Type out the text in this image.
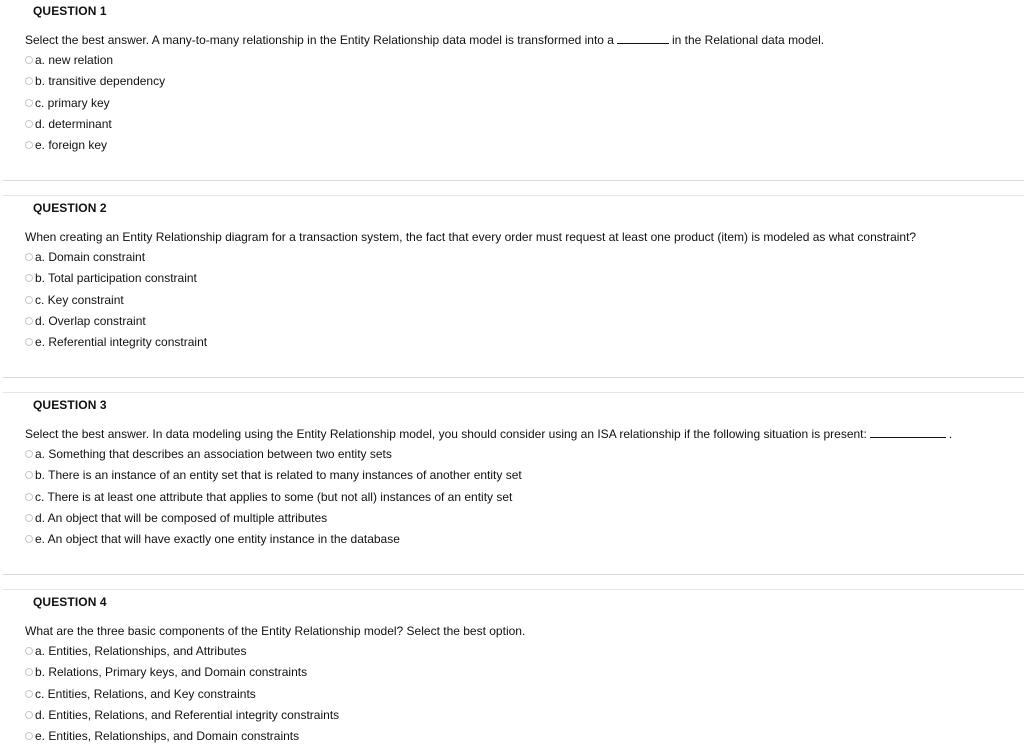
QUESTION 1
Select the best answer. A many-to-many relationship in the Entity Relationship data model is transformed into a	in the Relational data model.
a. new relation
b. transitive dependency
c. primary key
d. determinant
e. foreign key
QUESTION 2
When creating an Entity Relationship diagram for a transaction system, the fact that every order must request at least one product (item) is modeled as what constraint?
a. Domain constraint
b. Total participation constraint
c. Key constraint
d. Overlap constraint
e. Referential integrity constraint
QUESTION 3
Select the best answer. In data modeling using the Entity Relationship model, you should consider using an ISA relationship if the following situation is present:	.
a. Something that describes an association between two entity sets
b. There is an instance of an entity set that is related to many instances of another entity set
c. There is at least one attribute that applies to some (but not all) instances of an entity set
d. An object that will be composed of multiple attributes
e. An object that will have exactly one entity instance in the database
QUESTION 4
What are the three basic components of the Entity Relationship model? Select the best option.
a. Entities, Relationships, and Attributes
b. Relations, Primary keys, and Domain constraints
c. Entities, Relations, and Key constraints
d. Entities, Relations, and Referential integrity constraints
e. Entities, Relationships, and Domain constraints
